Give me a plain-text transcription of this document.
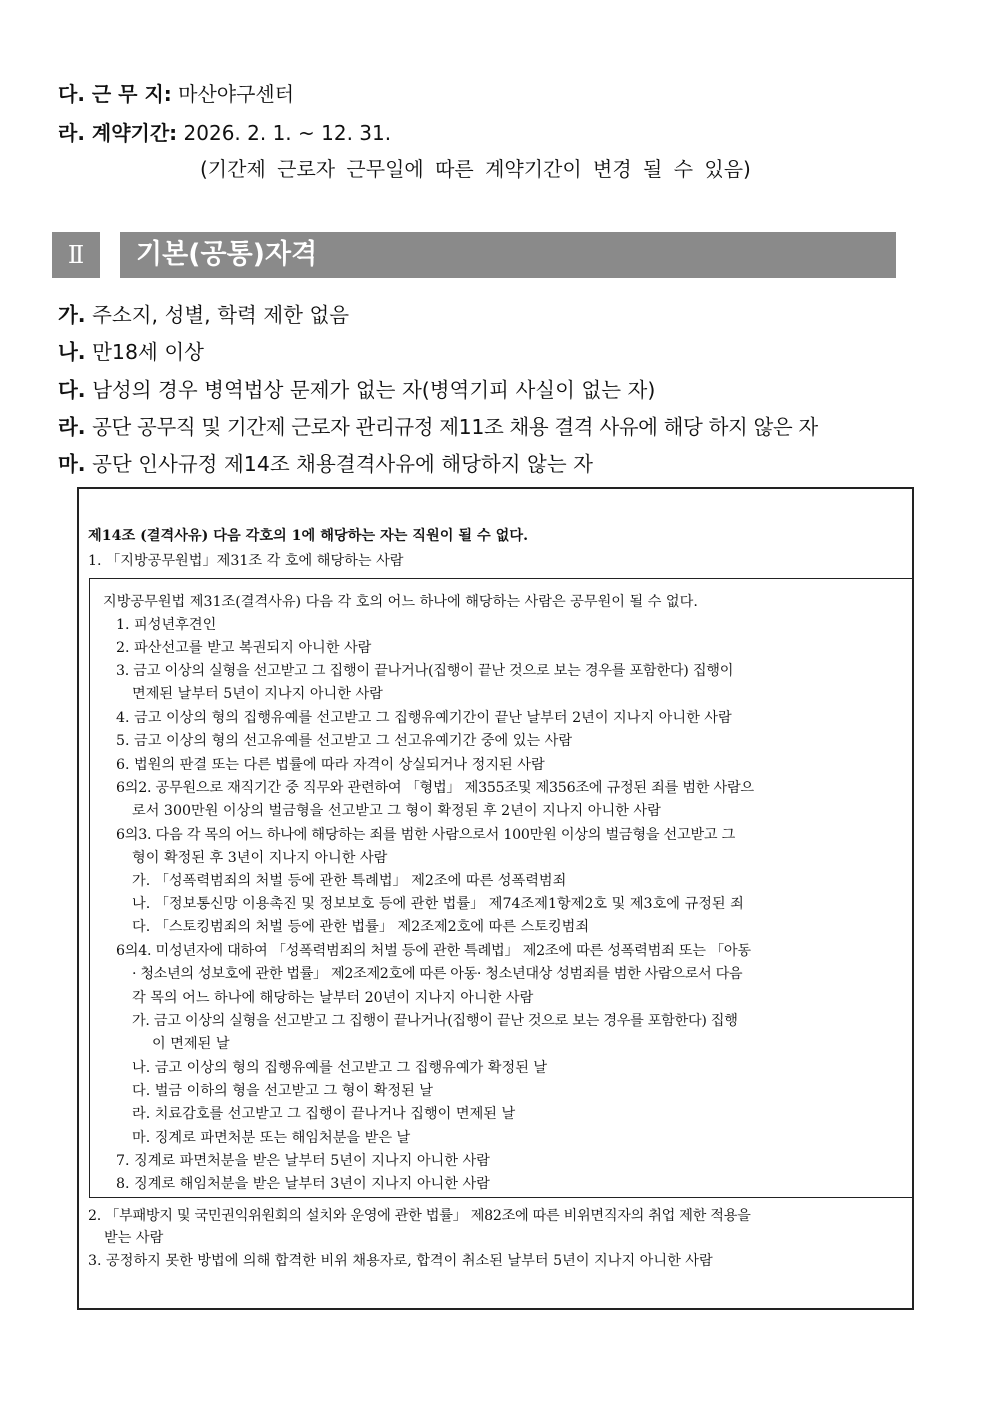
다. 근 무 지: 마산야구센터
라. 계약기간: 2026. 2. 1. ~ 12. 31.
(기간제 근로자 근무일에 따른 계약기간이 변경 될 수 있음)
Ⅱ	기본(공통)자격
가. 주소지, 성별, 학력 제한 없음
나. 만18세 이상
다. 남성의 경우 병역법상 문제가 없는 자(병역기피 사실이 없는 자)
라. 공단 공무직 및 기간제 근로자 관리규정 제11조 채용 결격 사유에 해당 하지 않은 자
마. 공단 인사규정 제14조 채용결격사유에 해당하지 않는 자
제14조 (결격사유) 다음 각호의 1에 해당하는 자는 직원이 될 수 없다.
1. 「지방공무원법」제31조 각 호에 해당하는 사람
지방공무원법 제31조(결격사유) 다음 각 호의 어느 하나에 해당하는 사람은 공무원이 될 수 없다.
1. 피성년후견인
2. 파산선고를 받고 복권되지 아니한 사람
3. 금고 이상의 실형을 선고받고 그 집행이 끝나거나(집행이 끝난 것으로 보는 경우를 포함한다) 집행이
면제된 날부터 5년이 지나지 아니한 사람
4. 금고 이상의 형의 집행유예를 선고받고 그 집행유예기간이 끝난 날부터 2년이 지나지 아니한 사람
5. 금고 이상의 형의 선고유예를 선고받고 그 선고유예기간 중에 있는 사람
6. 법원의 판결 또는 다른 법률에 따라 자격이 상실되거나 정지된 사람
6의2. 공무원으로 재직기간 중 직무와 관련하여 「형법」 제355조및 제356조에 규정된 죄를 범한 사람으
로서 300만원 이상의 벌금형을 선고받고 그 형이 확정된 후 2년이 지나지 아니한 사람
6의3. 다음 각 목의 어느 하나에 해당하는 죄를 범한 사람으로서 100만원 이상의 벌금형을 선고받고 그
형이 확정된 후 3년이 지나지 아니한 사람
가. 「성폭력범죄의 처벌 등에 관한 특례법」 제2조에 따른 성폭력범죄
나. 「정보통신망 이용촉진 및 정보보호 등에 관한 법률」 제74조제1항제2호 및 제3호에 규정된 죄
다. 「스토킹범죄의 처벌 등에 관한 법률」 제2조제2호에 따른 스토킹범죄
6의4. 미성년자에 대하여 「성폭력범죄의 처벌 등에 관한 특례법」 제2조에 따른 성폭력범죄 또는 「아동
· 청소년의 성보호에 관한 법률」 제2조제2호에 따른 아동· 청소년대상 성범죄를 범한 사람으로서 다음
각 목의 어느 하나에 해당하는 날부터 20년이 지나지 아니한 사람
가. 금고 이상의 실형을 선고받고 그 집행이 끝나거나(집행이 끝난 것으로 보는 경우를 포함한다) 집행
이 면제된 날
나. 금고 이상의 형의 집행유예를 선고받고 그 집행유예가 확정된 날
다. 벌금 이하의 형을 선고받고 그 형이 확정된 날
라. 치료감호를 선고받고 그 집행이 끝나거나 집행이 면제된 날
마. 징계로 파면처분 또는 해임처분을 받은 날
7. 징계로 파면처분을 받은 날부터 5년이 지나지 아니한 사람
8. 징계로 해임처분을 받은 날부터 3년이 지나지 아니한 사람
2. 「부패방지 및 국민권익위원회의 설치와 운영에 관한 법률」 제82조에 따른 비위면직자의 취업 제한 적용을
받는 사람
3. 공정하지 못한 방법에 의해 합격한 비위 채용자로, 합격이 취소된 날부터 5년이 지나지 아니한 사람
